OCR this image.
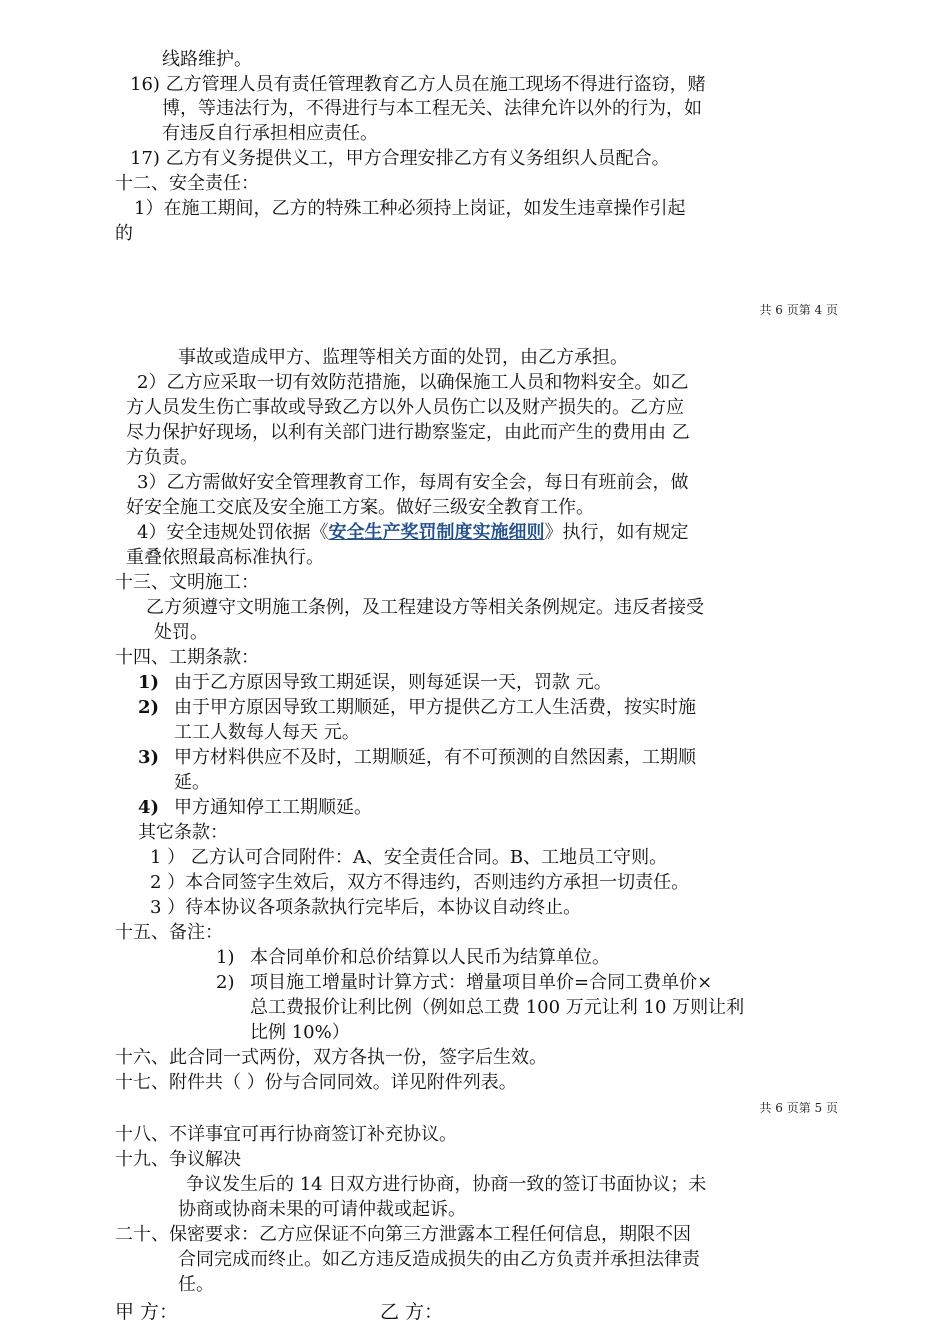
线路维护。
16) 乙方管理人员有责任管理教育乙方人员在施工现场不得进行盗窃，赌
博，等违法行为，不得进行与本工程无关、法律允许以外的行为，如
有违反自行承担相应责任。
17) 乙方有义务提供义工，甲方合理安排乙方有义务组织人员配合。
十二、安全责任：
1）在施工期间，乙方的特殊工种必须持上岗证，如发生违章操作引起
的
共 6 页第 4 页
事故或造成甲方、监理等相关方面的处罚，由乙方承担。
2）乙方应采取一切有效防范措施，以确保施工人员和物料安全。如乙
方人员发生伤亡事故或导致乙方以外人员伤亡以及财产损失的。乙方应
尽力保护好现场，以利有关部门进行勘察鉴定，由此而产生的费用由 乙
方负责。
3）乙方需做好安全管理教育工作，每周有安全会，每日有班前会，做
好安全施工交底及安全施工方案。做好三级安全教育工作。
4）安全违规处罚依据《安全生产奖罚制度实施细则》执行，如有规定
重叠依照最高标准执行。
十三、文明施工：
乙方须遵守文明施工条例，及工程建设方等相关条例规定。违反者接受
处罚。
十四、工期条款：
1) 由于乙方原因导致工期延误，则每延误一天，罚款 元。
2) 由于甲方原因导致工期顺延，甲方提供乙方工人生活费，按实时施
工工人数每人每天 元。
3) 甲方材料供应不及时，工期顺延，有不可预测的自然因素，工期顺
延。
4) 甲方通知停工工期顺延。
其它条款：
1 ） 乙方认可合同附件：A、安全责任合同。B、工地员工守则。
2 ）本合同签字生效后，双方不得违约，否则违约方承担一切责任。
3 ）待本协议各项条款执行完毕后，本协议自动终止。
十五、备注：
1) 本合同单价和总价结算以人民币为结算单位。
2) 项目施工增量时计算方式：增量项目单价=合同工费单价×
总工费报价让利比例（例如总工费 100 万元让利 10 万则让利
比例 10%）
十六、此合同一式两份，双方各执一份，签字后生效。
十七、附件共（ ）份与合同同效。详见附件列表。
共 6 页第 5 页
十八、不详事宜可再行协商签订补充协议。
十九、争议解决
争议发生后的 14 日双方进行协商，协商一致的签订书面协议；未
协商或协商未果的可请仲裁或起诉。
二十、保密要求：乙方应保证不向第三方泄露本工程任何信息，期限不因
合同完成而终止。如乙方违反造成损失的由乙方负责并承担法律责
任。
甲 方：	乙 方：
